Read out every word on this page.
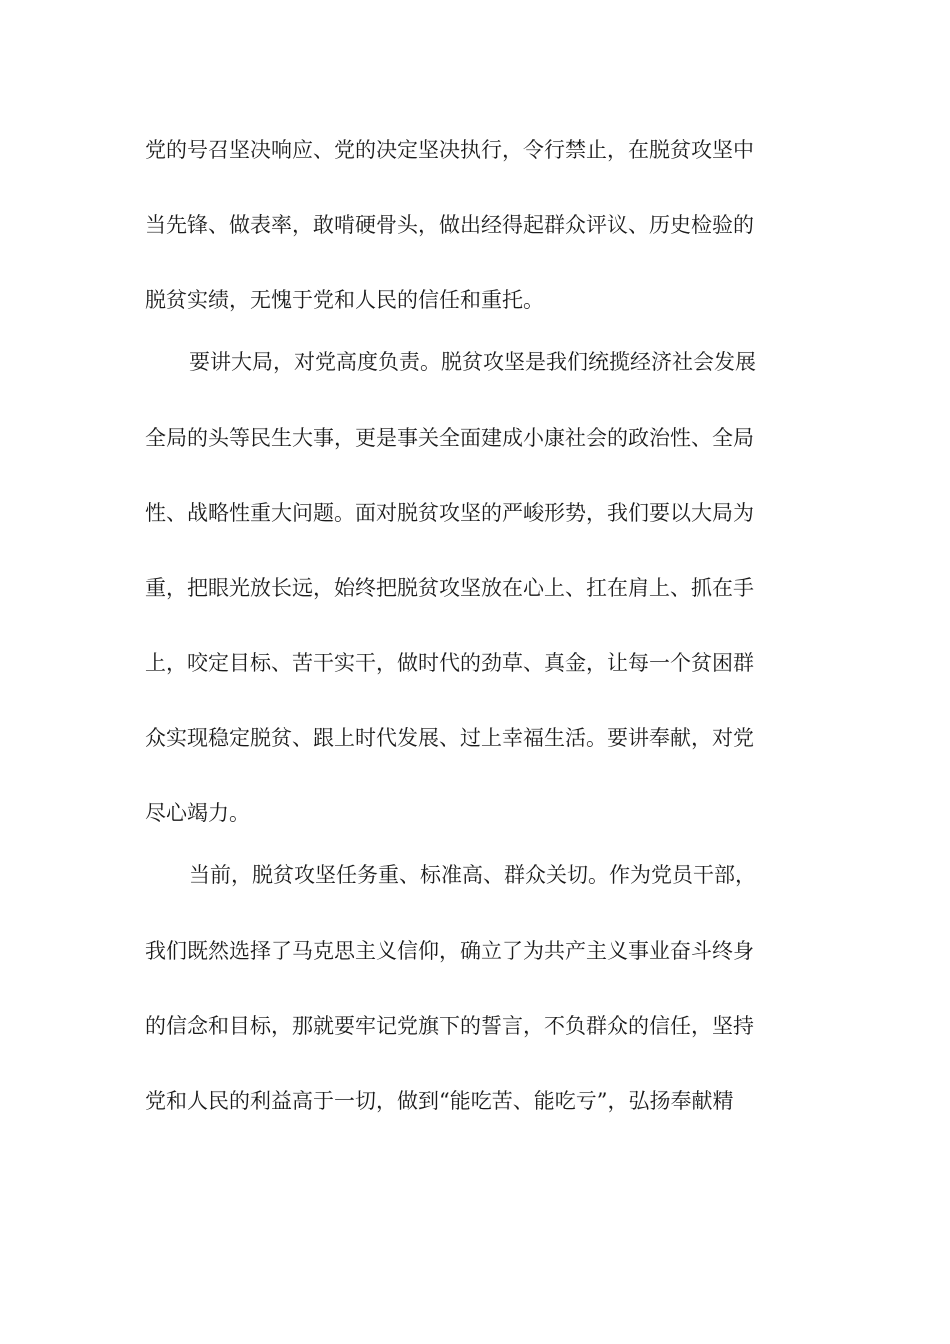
党的号召坚决响应、党的决定坚决执行，令行禁止，在脱贫攻坚中
当先锋、做表率，敢啃硬骨头，做出经得起群众评议、历史检验的
脱贫实绩，无愧于党和人民的信任和重托。
要讲大局，对党高度负责。脱贫攻坚是我们统揽经济社会发展
全局的头等民生大事，更是事关全面建成小康社会的政治性、全局
性、战略性重大问题。面对脱贫攻坚的严峻形势，我们要以大局为
重，把眼光放长远，始终把脱贫攻坚放在心上、扛在肩上、抓在手
上，咬定目标、苦干实干，做时代的劲草、真金，让每一个贫困群
众实现稳定脱贫、跟上时代发展、过上幸福生活。要讲奉献，对党
尽心竭力。
当前，脱贫攻坚任务重、标准高、群众关切。作为党员干部，
我们既然选择了马克思主义信仰，确立了为共产主义事业奋斗终身
的信念和目标，那就要牢记党旗下的誓言，不负群众的信任，坚持
党和人民的利益高于一切，做到“能吃苦、能吃亏”，弘扬奉献精
